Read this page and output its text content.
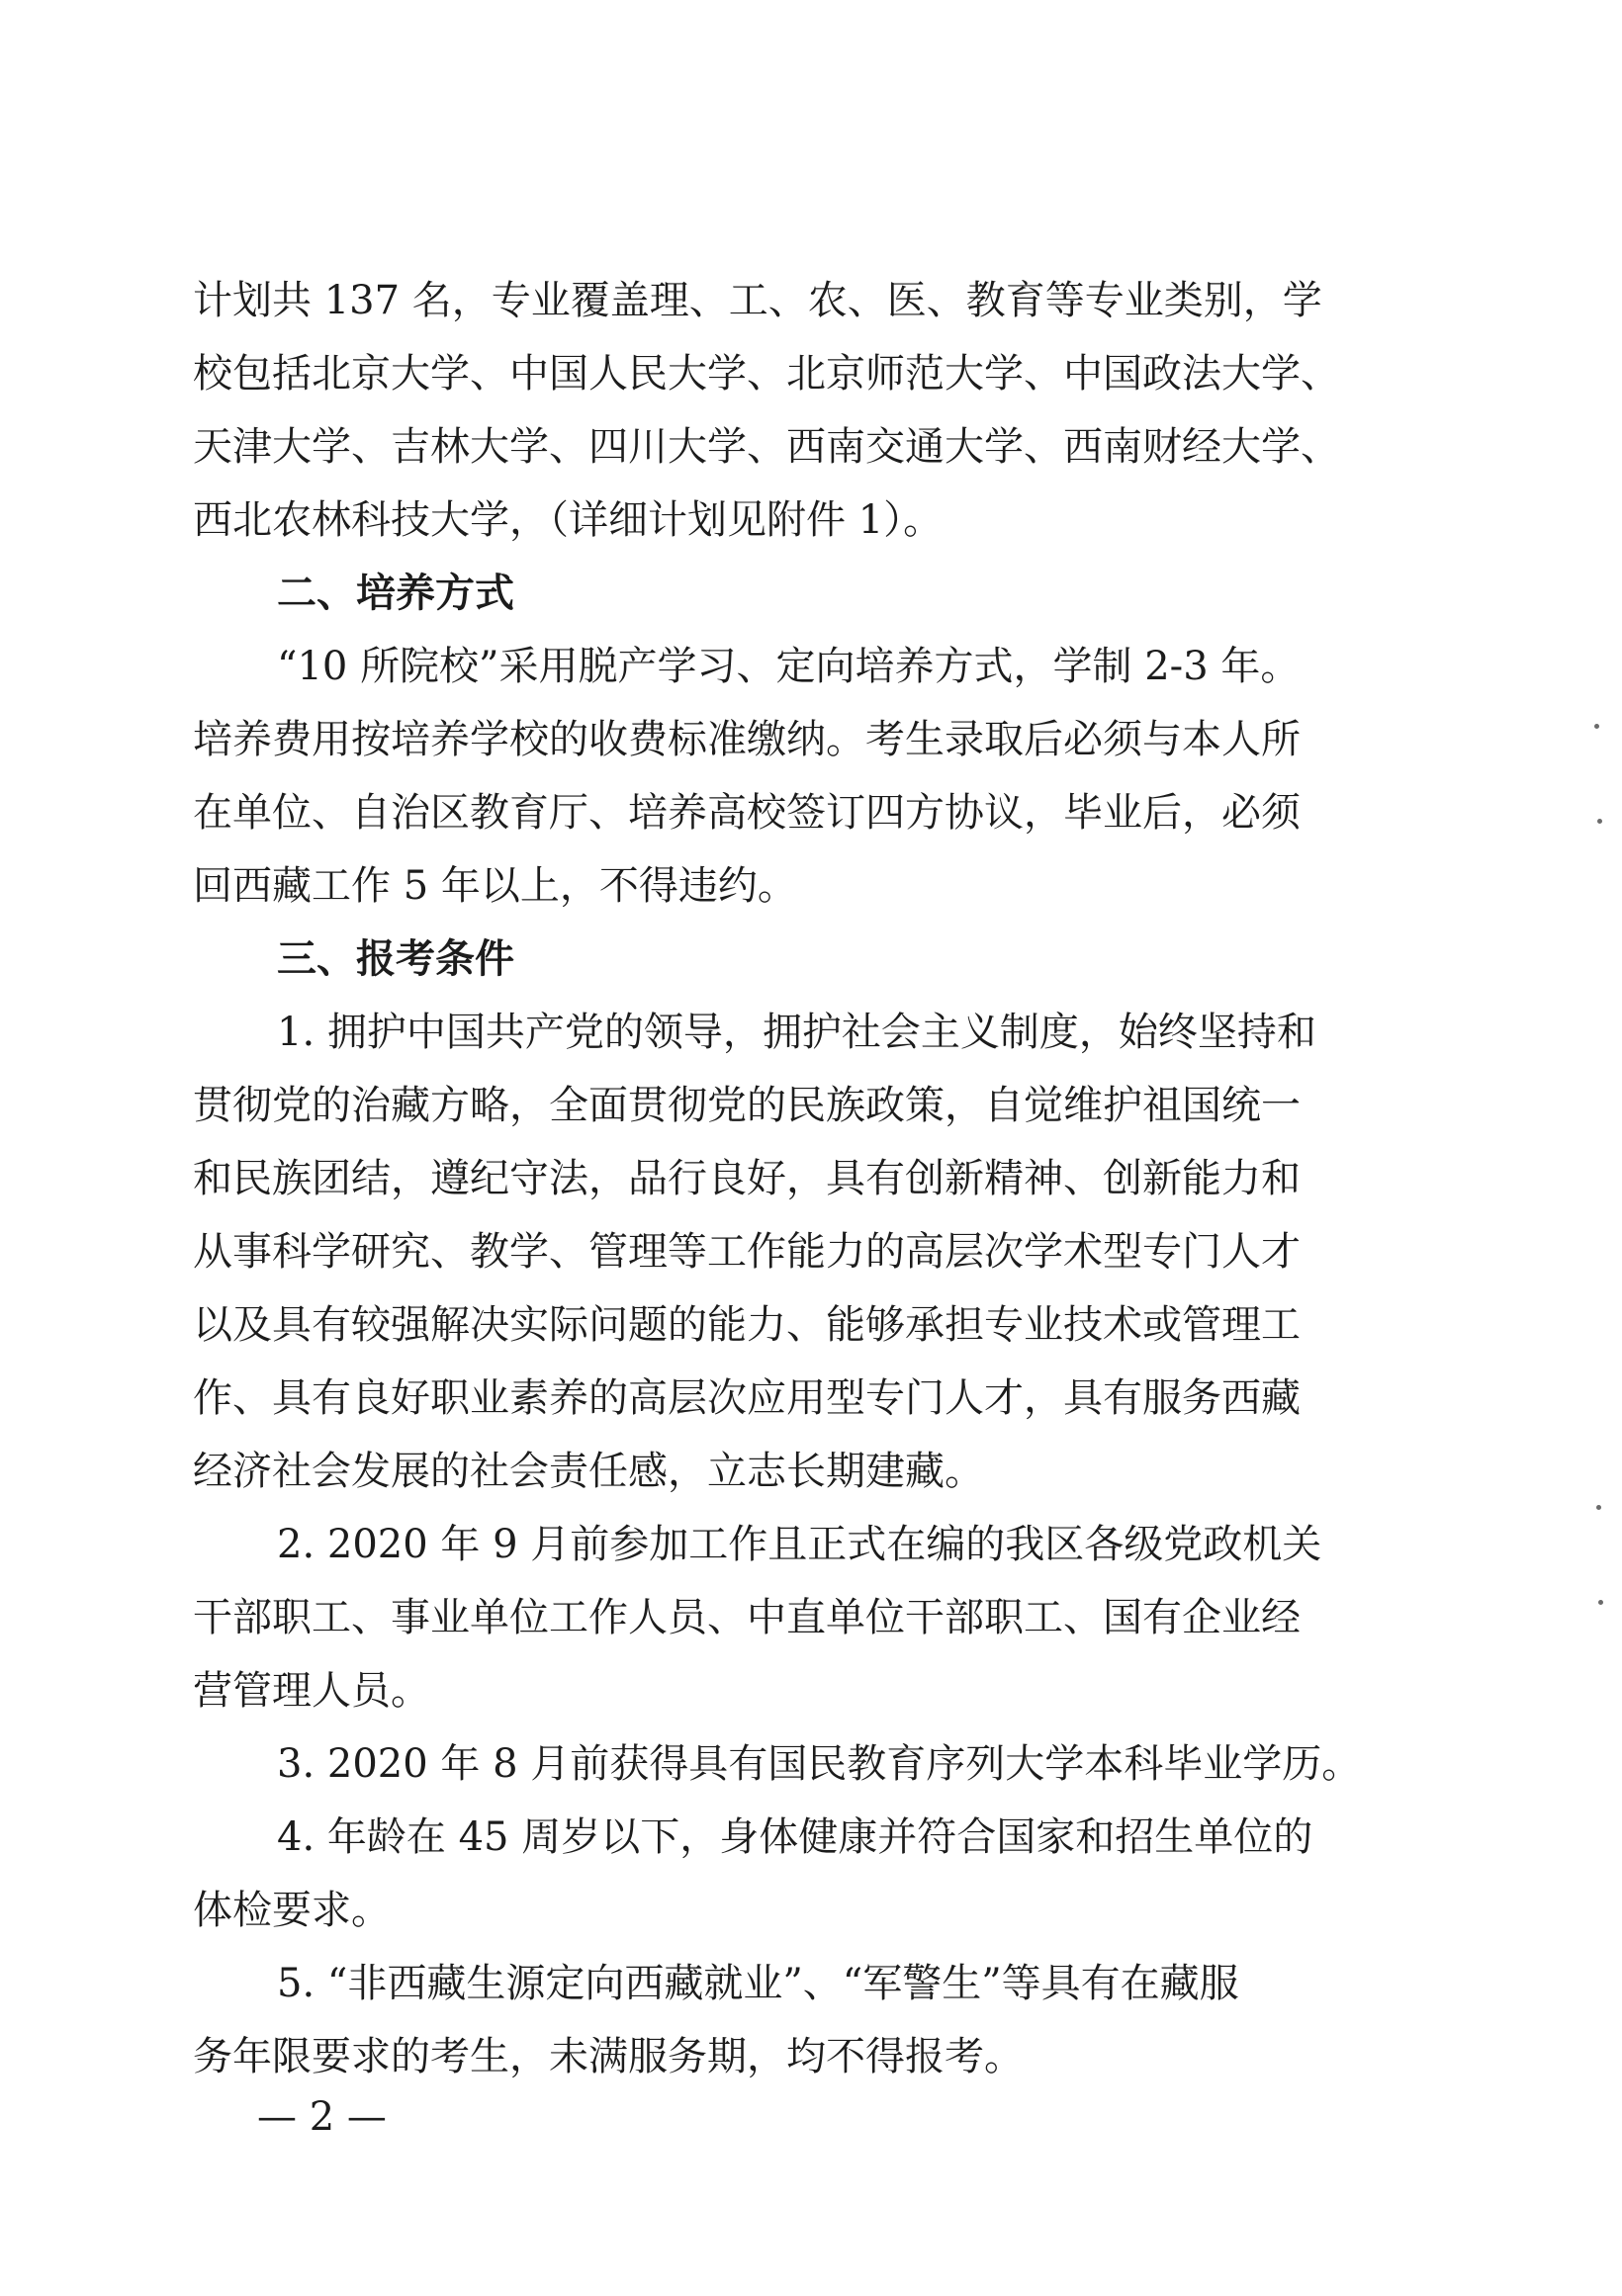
计划共 137 名，专业覆盖理、工、农、医、教育等专业类别，学
校包括北京大学、中国人民大学、北京师范大学、中国政法大学、
天津大学、吉林大学、四川大学、西南交通大学、西南财经大学、
西北农林科技大学，（详细计划见附件 1）。
二、培养方式
“10 所院校”采用脱产学习、定向培养方式，学制 2-3 年。
培养费用按培养学校的收费标准缴纳。考生录取后必须与本人所
在单位、自治区教育厅、培养高校签订四方协议，毕业后，必须
回西藏工作 5 年以上，不得违约。
三、报考条件
1. 拥护中国共产党的领导，拥护社会主义制度，始终坚持和
贯彻党的治藏方略，全面贯彻党的民族政策，自觉维护祖国统一
和民族团结，遵纪守法，品行良好，具有创新精神、创新能力和
从事科学研究、教学、管理等工作能力的高层次学术型专门人才
以及具有较强解决实际问题的能力、能够承担专业技术或管理工
作、具有良好职业素养的高层次应用型专门人才，具有服务西藏
经济社会发展的社会责任感，立志长期建藏。
2. 2020 年 9 月前参加工作且正式在编的我区各级党政机关
干部职工、事业单位工作人员、中直单位干部职工、国有企业经
营管理人员。
3. 2020 年 8 月前获得具有国民教育序列大学本科毕业学历。
4. 年龄在 45 周岁以下，身体健康并符合国家和招生单位的
体检要求。
5. “非西藏生源定向西藏就业”、“军警生”等具有在藏服
务年限要求的考生，未满服务期，均不得报考。
— 2 —
